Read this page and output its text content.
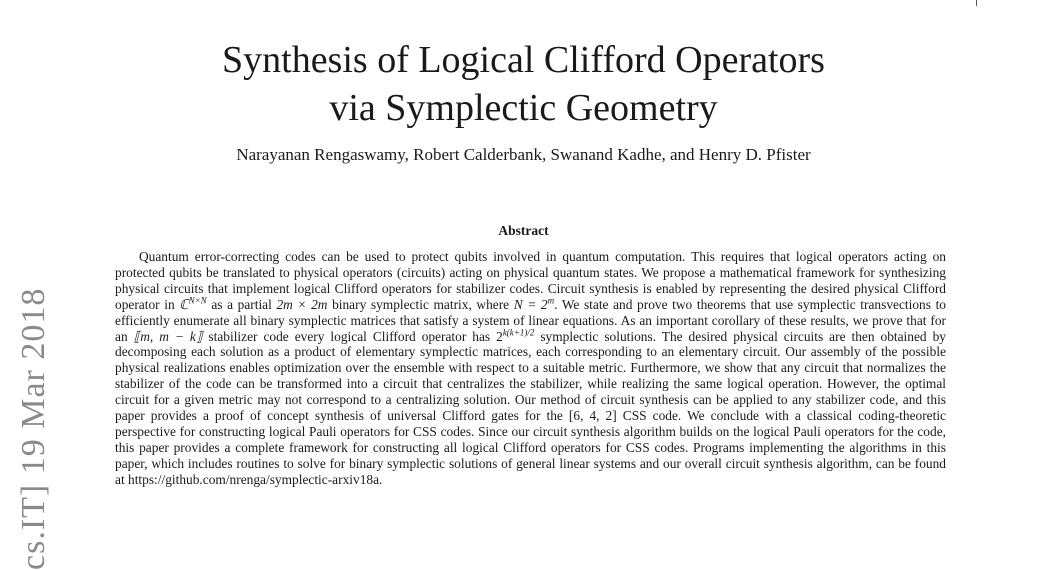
cs.IT] 19 Mar 2018
Synthesis of Logical Clifford Operators
via Symplectic Geometry
Narayanan Rengaswamy, Robert Calderbank, Swanand Kadhe, and Henry D. Pfister
Abstract

Quantum error-correcting codes can be used to protect qubits involved in quantum computation. This requires that logical operators acting on protected qubits be translated to physical operators (circuits) acting on physical quantum states. We propose a mathematical framework for synthesizing physical circuits that implement logical Clifford operators for stabilizer codes. Circuit synthesis is enabled by representing the desired physical Clifford operator in ℂ$^{N\times N}$ as a partial 2m × 2m binary symplectic matrix, where $N = 2^m$. We state and prove two theorems that use symplectic transvections to efficiently enumerate all binary symplectic matrices that satisfy a system of linear equations. As an important corollary of these results, we prove that for an ⟦m, m − k⟧ stabilizer code every logical Clifford operator has $2^{k(k+1)/2}$ symplectic solutions. The desired physical circuits are then obtained by decomposing each solution as a product of elementary symplectic matrices, each corresponding to an elementary circuit. Our assembly of the possible physical realizations enables optimization over the ensemble with respect to a suitable metric. Furthermore, we show that any circuit that normalizes the stabilizer of the code can be transformed into a circuit that centralizes the stabilizer, while realizing the same logical operation. However, the optimal circuit for a given metric may not correspond to a centralizing solution. Our method of circuit synthesis can be applied to any stabilizer code, and this paper provides a proof of concept synthesis of universal Clifford gates for the [6, 4, 2] CSS code. We conclude with a classical coding-theoretic perspective for constructing logical Pauli operators for CSS codes. Since our circuit synthesis algorithm builds on the logical Pauli operators for the code, this paper provides a complete framework for constructing all logical Clifford operators for CSS codes. Programs implementing the algorithms in this paper, which includes routines to solve for binary symplectic solutions of general linear systems and our overall circuit synthesis algorithm, can be found at https://github.com/nrenga/symplectic-arxiv18a.
